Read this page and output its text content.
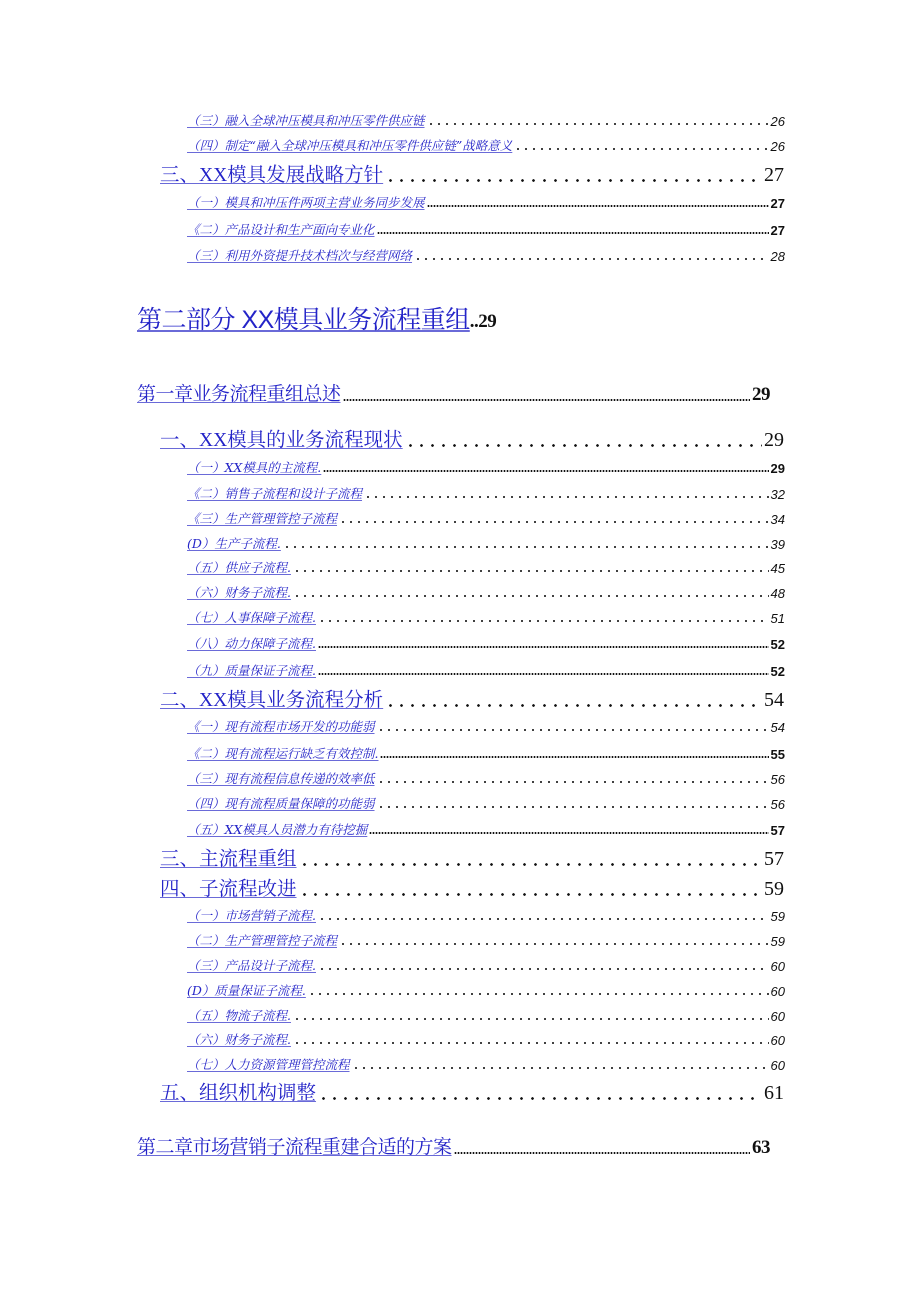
（三）融入全球冲压模具和冲压零件供应链	26
（四）制定“融入全球冲压模具和冲压零件供应链”战略意义	26
三、XX模具发展战略方针	27
（一）模具和冲压件两项主营业务同步发展	27
《二）产品设计和生产面向专业化	27
（三）利用外资提升技术档次与经营网络	28
第二部分 XX模具业务流程重组 ..29
第一章业务流程重组总述	29
一、XX模具的业务流程现状	29
（一）XX模具的主流程.	29
《二）销售子流程和设计子流程	32
《三）生产管理管控子流程	34
(D）生产子流程.	39
（五）供应子流程.	45
（六）财务子流程.	48
（七）人事保障子流程.	51
（八）动力保障子流程.	52
（九）质量保证子流程.	52
二、XX模具业务流程分析	54
《一）现有流程市场开发的功能弱	54
《二）现有流程运行缺乏有效控制.	55
（三）现有流程信息传递的效率低	56
（四）现有流程质量保障的功能弱	56
（五）XX模具人员潜力有待挖掘	57
三、主流程重组	57
四、子流程改进	59
（一）市场营销子流程.	59
（二）生产管理管控子流程	59
（三）产品设计子流程.	60
(D）质量保证子流程.	60
（五）物流子流程.	60
（六）财务子流程.	60
（七）人力资源管理管控流程	60
五、组织机构调整	61
第二章市场营销子流程重建合适的方案	63
